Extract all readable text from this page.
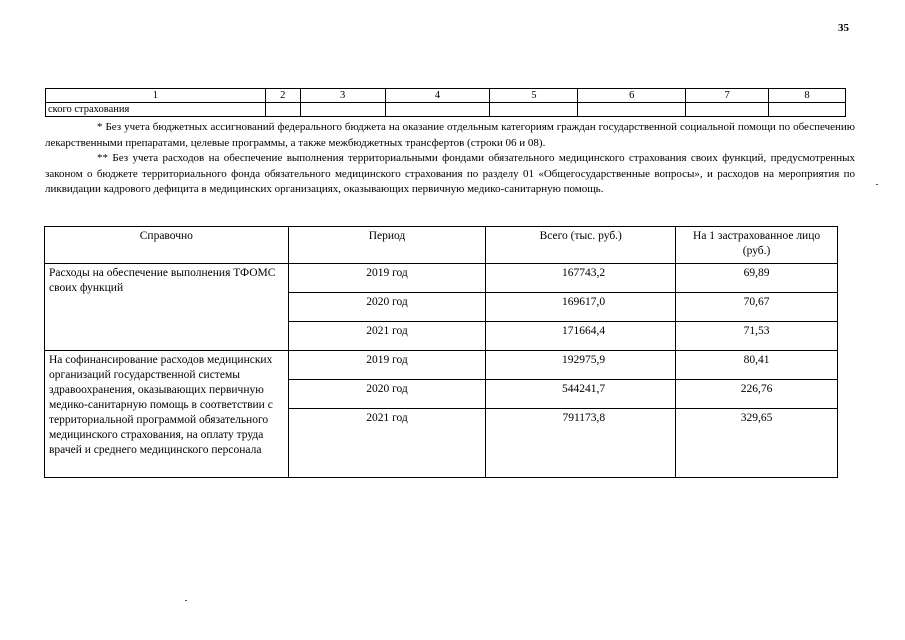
35
1	2	3	4	5	6	7	8
ского страхования							

* Без учета бюджетных ассигнований федерального бюджета на оказание отдельным категориям граждан государственной социальной помощи по обеспечению лекарственными препаратами, целевые программы, а также межбюджетных трансфертов (строки 06 и 08).

** Без учета расходов на обеспечение выполнения территориальными фондами обязательного медицинского страхования своих функций, предусмотренных законом о бюджете территориального фонда обязательного медицинского страхования по разделу 01 «Общегосударственные вопросы», и расходов на мероприятия по ликвидации кадрового дефицита в медицинских организациях, оказывающих первичную медико-санитарную помощь.

Справочно	Период	Всего (тыс. руб.)	На 1 застрахованное лицо (руб.)
Расходы на обеспечение выполнения ТФОМС своих функций	2019 год	167743,2	69,89
	2020 год	169617,0	70,67
	2021 год	171664,4	71,53
На софинансирование расходов медицинских организаций государственной системы здравоохранения, оказывающих первичную медико-санитарную помощь в соответствии с территориальной программой обязательного медицинского страхования, на оплату труда врачей и среднего медицинского персонала	2019 год	192975,9	80,41
	2020 год	544241,7	226,76
	2021 год	791173,8	329,65
